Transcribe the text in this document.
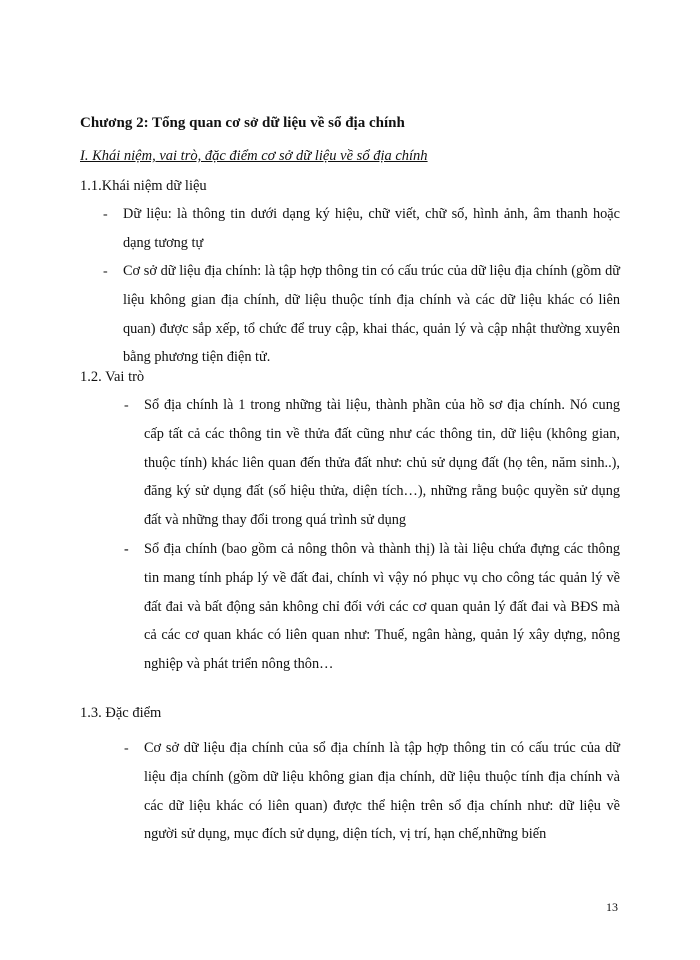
Chương 2: Tổng quan cơ sở dữ liệu về sổ địa chính
I. Khái niệm, vai trò, đặc điểm cơ sở dữ liệu về sổ địa chính
1.1.Khái niệm dữ liệu
- Dữ liệu: là thông tin dưới dạng ký hiệu, chữ viết, chữ số, hình ảnh, âm thanh hoặc dạng tương tự
- Cơ sở dữ liệu địa chính: là tập hợp thông tin có cấu trúc của dữ liệu địa chính (gồm dữ liệu không gian địa chính, dữ liệu thuộc tính địa chính và các dữ liệu khác có liên quan) được sắp xếp, tổ chức để truy cập, khai thác, quản lý và cập nhật thường xuyên bằng phương tiện điện tử.
1.2. Vai trò
- Sổ địa chính là 1 trong những tài liệu, thành phần của hồ sơ địa chính. Nó cung cấp tất cả các thông tin về thửa đất cũng như các thông tin, dữ liệu (không gian, thuộc tính) khác liên quan đến thửa đất như: chủ sử dụng đất (họ tên, năm sinh..), đăng ký sử dụng đất (số hiệu thửa, diện tích…), những rằng buộc quyền sử dụng đất và những thay đổi trong quá trình sử dụng
- Sổ địa chính (bao gồm cả nông thôn và thành thị) là tài liệu chứa đựng các thông tin mang tính pháp lý về đất đai, chính vì vậy nó phục vụ cho công tác quản lý về đất đai và bất động sản không chỉ đối với các cơ quan quản lý đất đai và BĐS mà cả các cơ quan khác có liên quan như: Thuế, ngân hàng, quản lý xây dựng, nông nghiệp và phát triển nông thôn…
1.3. Đặc điểm
- Cơ sở dữ liệu địa chính của sổ địa chính là tập hợp thông tin có cấu trúc của dữ liệu địa chính (gồm dữ liệu không gian địa chính, dữ liệu thuộc tính địa chính và các dữ liệu khác có liên quan) được thể hiện trên sổ địa chính như: dữ liệu về người sử dụng, mục đích sử dụng, diện tích, vị trí, hạn chế,những biến
13
